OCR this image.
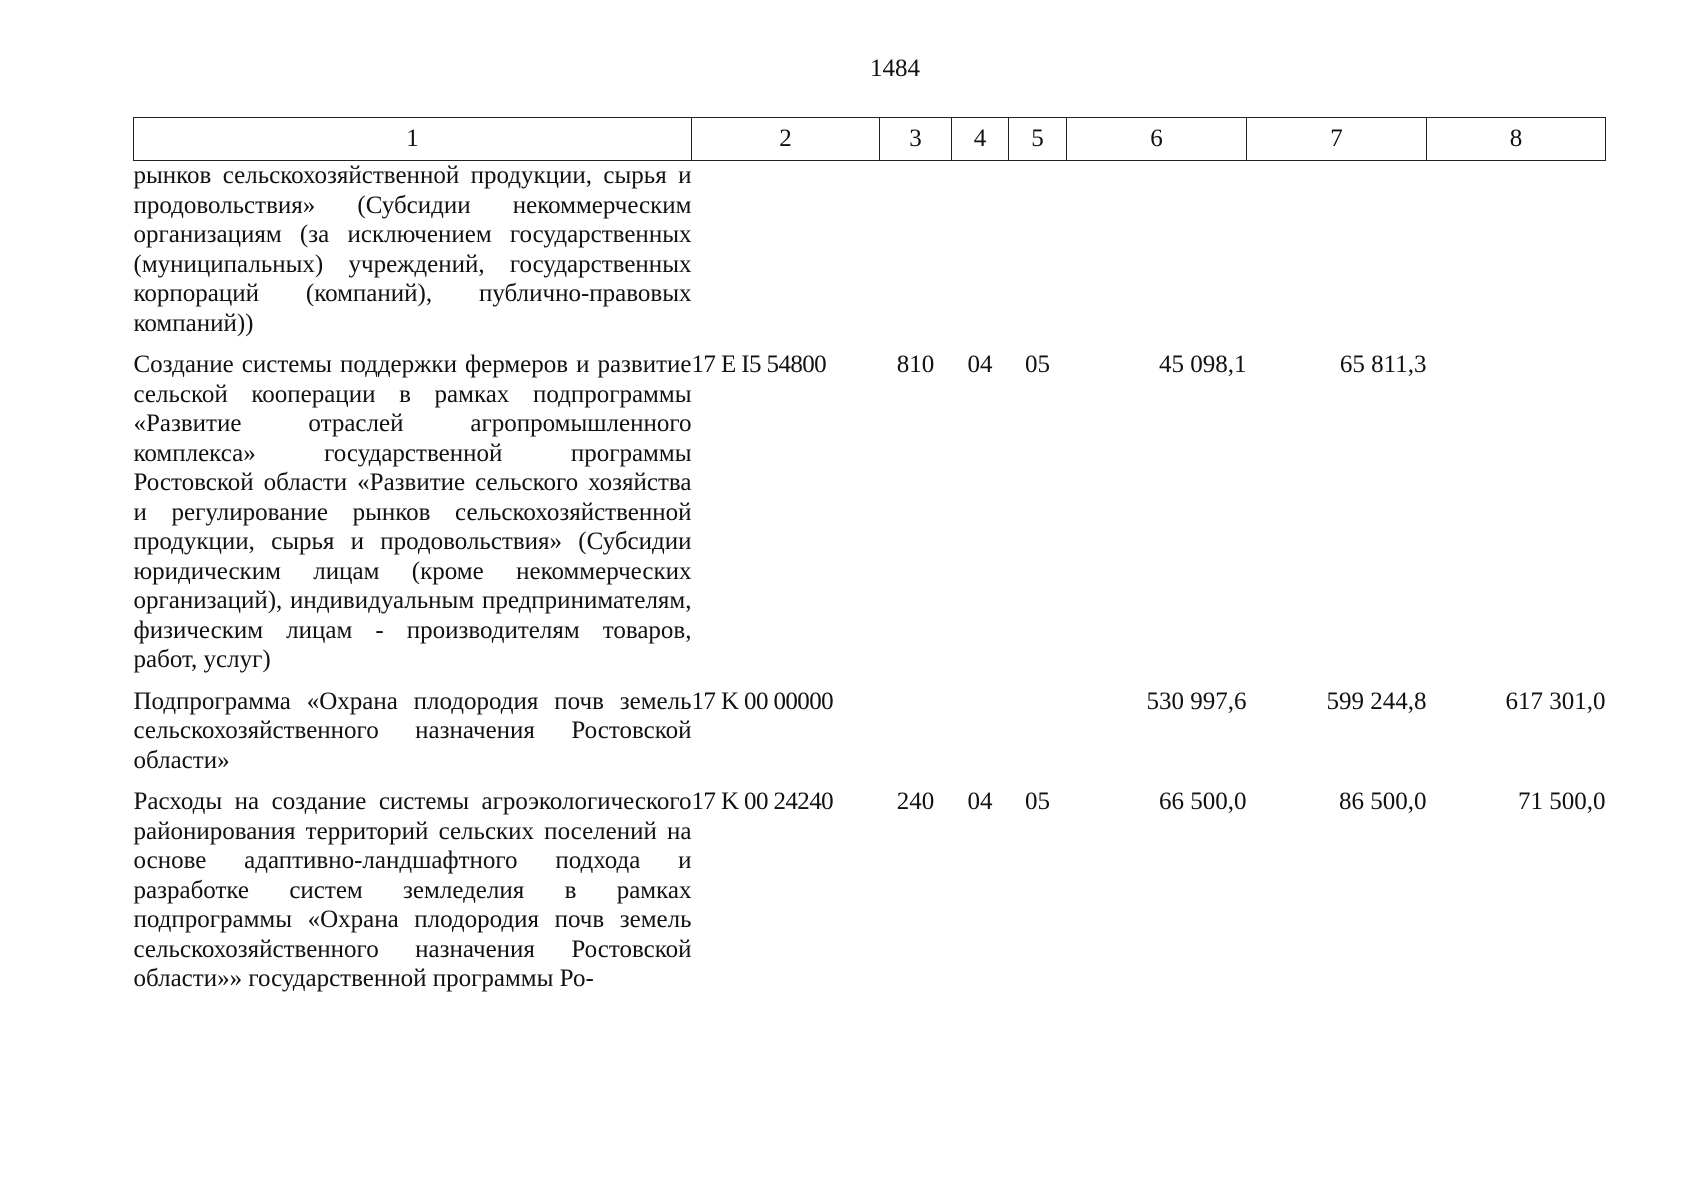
1484
1	2	3	4	5	6	7	8
рынков сельскохозяйственной продукции, сырья и продовольствия» (Субсидии некоммерческим организациям (за исключением государственных (муниципальных) учреждений, государственных корпораций (компаний), публично-правовых компаний))							
Создание системы поддержки фермеров и развитие сельской кооперации в рамках подпрограммы «Развитие отраслей агропромышленного комплекса» государственной программы Ростовской области «Развитие сельского хозяйства и регулирование рынков сельскохозяйственной продукции, сырья и продовольствия» (Субсидии юридическим лицам (кроме некоммерческих организаций), индивидуальным предпринимателям, физическим лицам - производителям товаров, работ, услуг)	17 E I5 54800	810	04	05	45 098,1	65 811,3	
Подпрограмма «Охрана плодородия почв земель сельскохозяйственного назначения Ростовской области»	17 K 00 00000				530 997,6	599 244,8	617 301,0
Расходы на создание системы агроэкологического районирования территорий сельских поселений на основе адаптивно-ландшафтного подхода и разработке систем земледелия в рамках подпрограммы «Охрана плодородия почв земель сельскохозяйственного назначения Ростовской области»» государственной программы Ро-	17 K 00 24240	240	04	05	66 500,0	86 500,0	71 500,0
